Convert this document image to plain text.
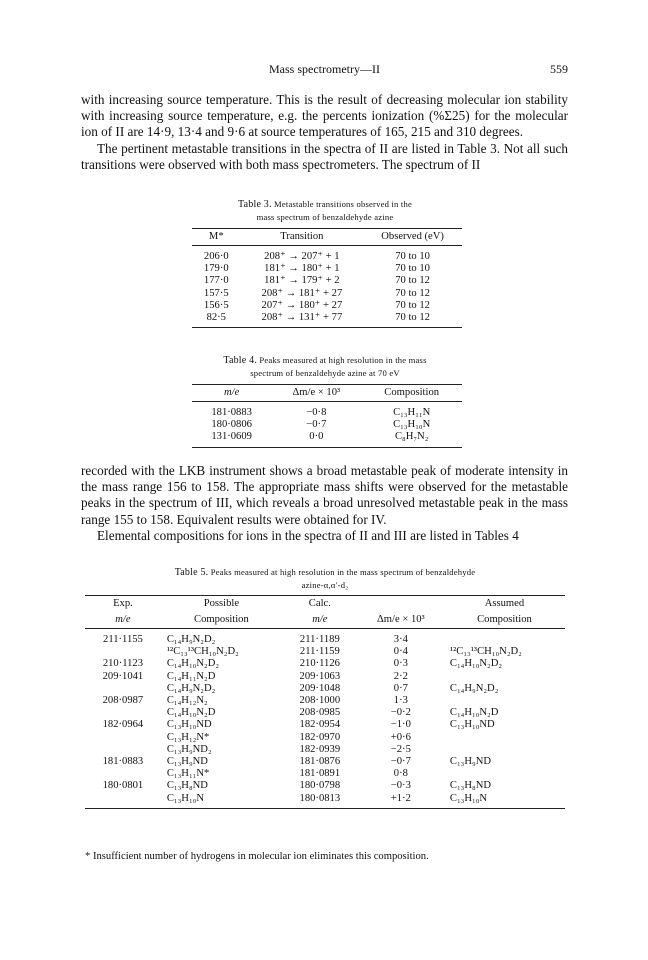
Mass spectrometry—II	559

with increasing source temperature. This is the result of decreasing molecular ion stability with increasing source temperature, e.g. the percents ionization (%Σ25) for the molecular ion of II are 14·9, 13·4 and 9·6 at source temperatures of 165, 215 and 310 degrees.

The pertinent metastable transitions in the spectra of II are listed in Table 3. Not all such transitions were observed with both mass spectrometers. The spectrum of II

Table 3. Metastable transitions observed in the
mass spectrum of benzaldehyde azine
M*	Transition	Observed (eV)
206·0	208⁺ → 207⁺ + 1	70 to 10
179·0	181⁺ → 180⁺ + 1	70 to 10
177·0	181⁺ → 179⁺ + 2	70 to 12
157·5	208⁺ → 181⁺ + 27	70 to 12
156·5	207⁺ → 180⁺ + 27	70 to 12
82·5	208⁺ → 131⁺ + 77	70 to 12
Table 4. Peaks measured at high resolution in the mass
spectrum of benzaldehyde azine at 70 eV
m/e	Δm/e × 10³	Composition
181·0883	−0·8	C₁₃H₁₁N
180·0806	−0·7	C₁₃H₁₀N
131·0609	0·0	C₈H₇N₂

recorded with the LKB instrument shows a broad metastable peak of moderate intensity in the mass range 156 to 158. The appropriate mass shifts were observed for the metastable peaks in the spectrum of III, which reveals a broad unresolved metastable peak in the mass range 155 to 158. Equivalent results were obtained for IV.

Elemental compositions for ions in the spectra of II and III are listed in Tables 4

Table 5. Peaks measured at high resolution in the mass spectrum of benzaldehyde
azine-α,α′-d₂
Exp.	Possible	Calc.		Assumed
m/e	Composition	m/e	Δm/e × 10³	Composition
211·1155	C₁₄H₉N₂D₂	211·1189	3·4	
	¹²C₁₃¹³CH₁₀N₂D₂	211·1159	0·4	¹²C₁₃¹³CH₁₀N₂D₂
210·1123	C₁₄H₁₀N₂D₂	210·1126	0·3	C₁₄H₁₀N₂D₂
209·1041	C₁₄H₁₁N₂D	209·1063	2·2	
	C₁₄H₉N₂D₂	209·1048	0·7	C₁₄H₉N₂D₂
208·0987	C₁₄H₁₂N₂	208·1000	1·3	
	C₁₄H₁₀N₂D	208·0985	−0·2	C₁₄H₁₀N₂D
182·0964	C₁₃H₁₀ND	182·0954	−1·0	C₁₃H₁₀ND
	C₁₃H₁₂N*	182·0970	+0·6	
	C₁₃H₉ND₂	182·0939	−2·5	
181·0883	C₁₃H₉ND	181·0876	−0·7	C₁₃H₉ND
	C₁₃H₁₁N*	181·0891	0·8	
180·0801	C₁₃H₈ND	180·0798	−0·3	C₁₃H₈ND
	C₁₃H₁₀N	180·0813	+1·2	C₁₃H₁₀N
* Insufficient number of hydrogens in molecular ion eliminates this composition.
